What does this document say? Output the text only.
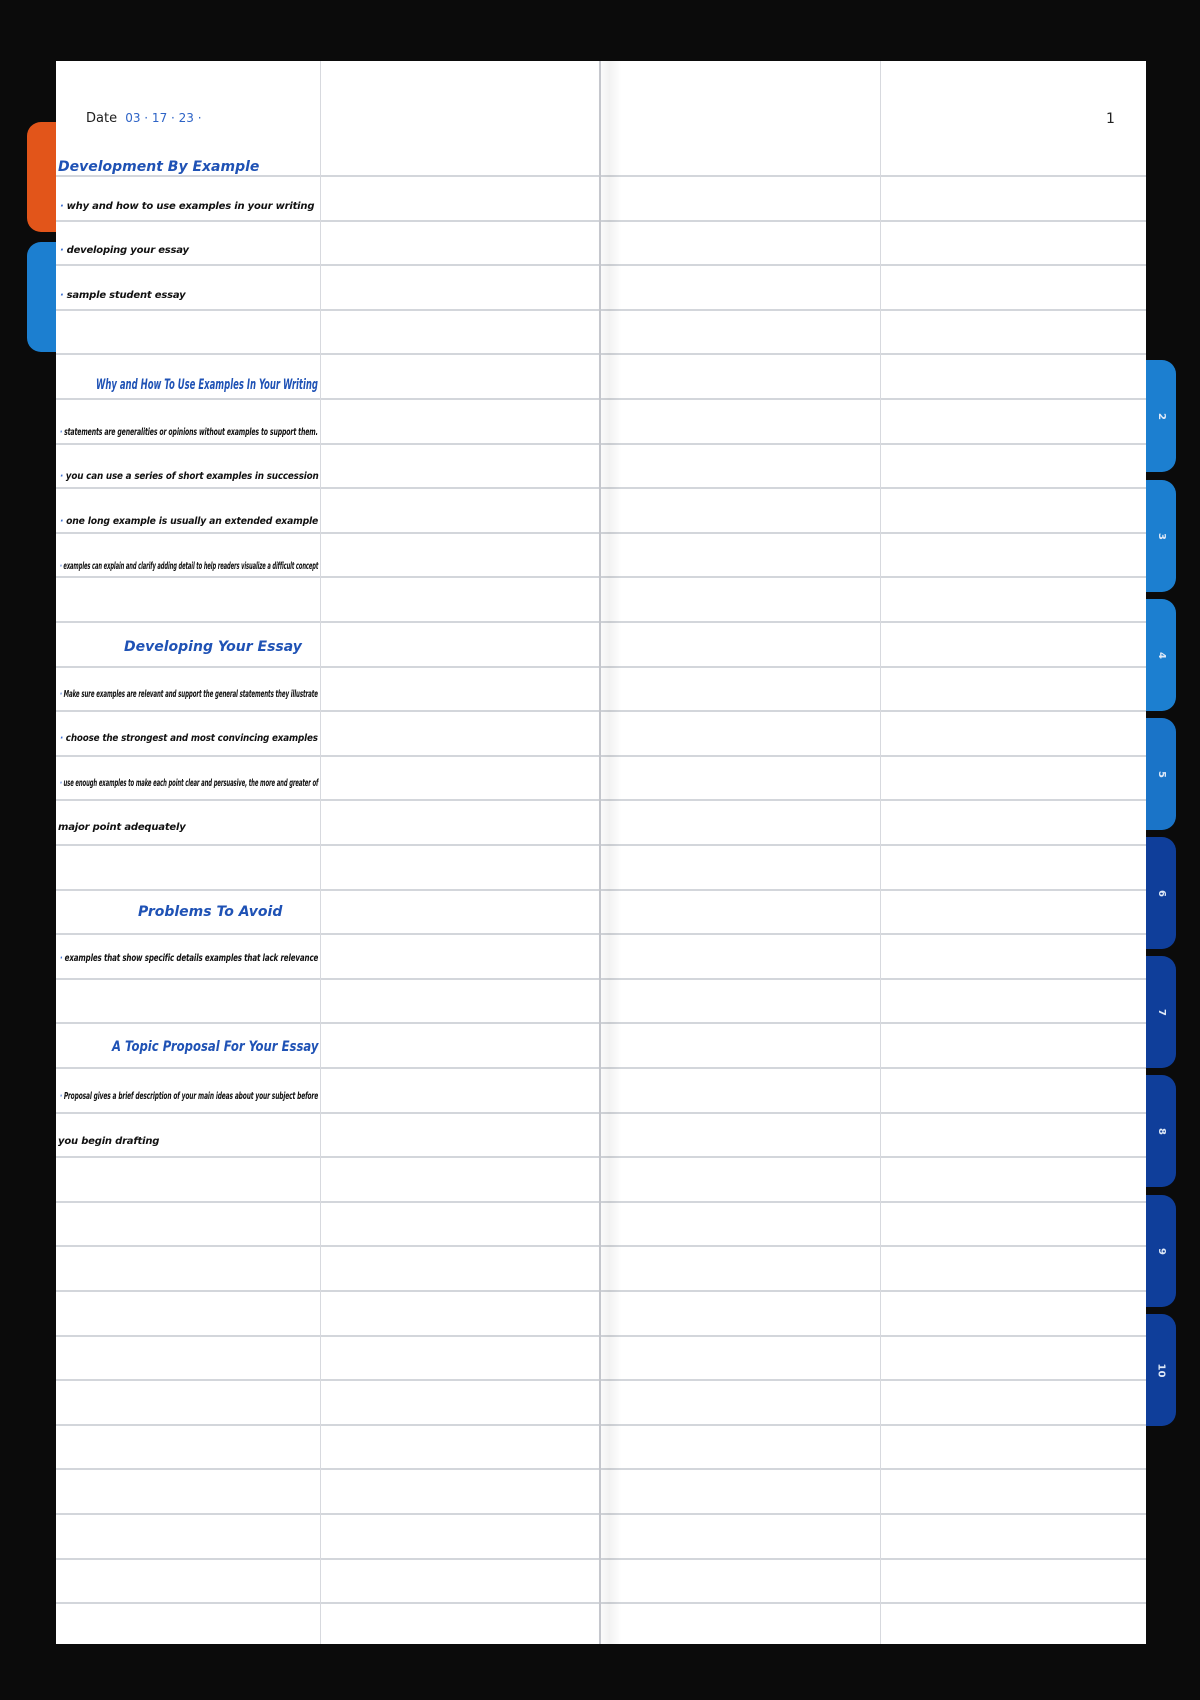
2
3
4
5
6
7
8
9
10
Date 03 · 17 · 23 ·	1
Development By Example
· why and how to use examples in your writing
· developing your essay
· sample student essay
Why and How To Use Examples In Your Writing
· statements are generalities or opinions without examples to support them.
· you can use a series of short examples in succession
· one long example is usually an extended example
· examples can explain and clarify adding detail to help readers visualize a difficult concept
Developing Your Essay
· Make sure examples are relevant and support the general statements they illustrate
· choose the strongest and most convincing examples
· use enough examples to make each point clear and persuasive, the more and greater of
major point adequately
Problems To Avoid
· examples that show specific details examples that lack relevance
A Topic Proposal For Your Essay
· Proposal gives a brief description of your main ideas about your subject before
you begin drafting
